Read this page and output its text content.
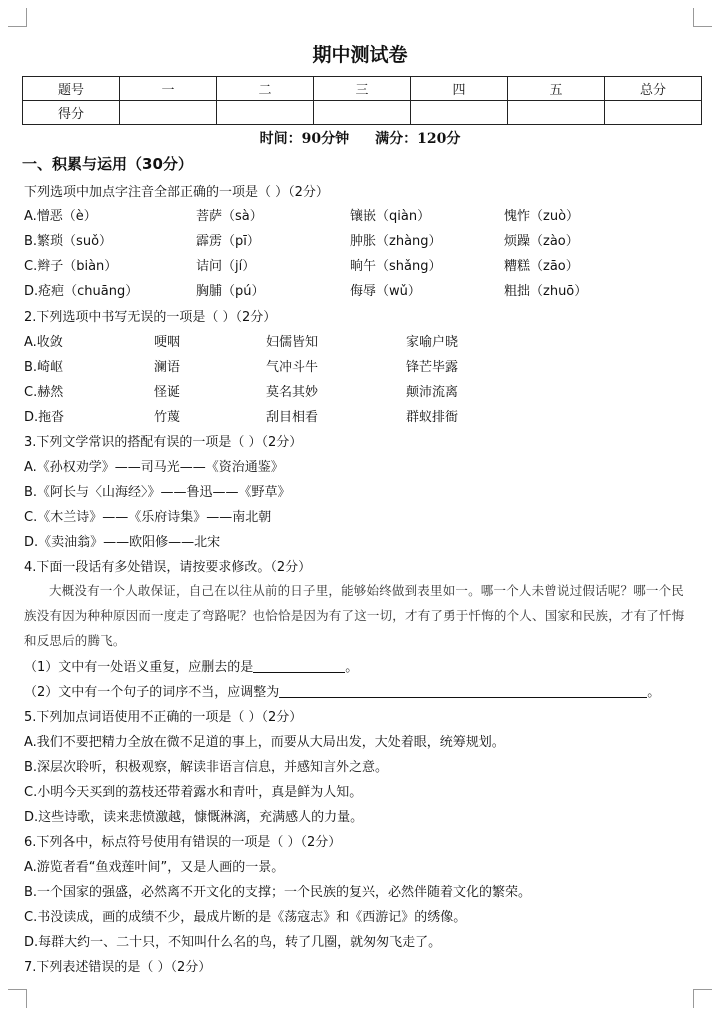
期中测试卷
题号	一	二	三	四	五	总分
得分						
时间：90分钟 满分：120分
一、积累与运用（30分）
下列选项中加点字注音全部正确的一项是（ ）（2分）
A.憎恶（è）	菩萨（sà）	镶嵌（qiàn）	愧怍（zuò）
B.繁琐（suǒ）	霹雳（pī）	肿胀（zhàng）	烦躁（zào）
C.辫子（biàn）	诘问（jí）	晌午（shǎng）	糟糕（zāo）
D.疮疤（chuāng）	胸脯（pú）	侮辱（wǔ）	粗拙（zhuō）
2.下列选项中书写无误的一项是（ ）（2分）
A.收敛	哽咽	妇儒皆知	家喻户晓
B.崎岖	澜语	气冲斗牛	锋芒毕露
C.赫然	怪诞	莫名其妙	颠沛流离
D.拖沓	竹蔑	刮目相看	群蚁排衙
3.下列文学常识的搭配有误的一项是（ ）（2分）
A.《孙权劝学》——司马光——《资治通鉴》
B.《阿长与〈山海经〉》——鲁迅——《野草》
C.《木兰诗》——《乐府诗集》——南北朝
D.《卖油翁》——欧阳修——北宋
4.下面一段话有多处错误，请按要求修改。（2分）
大概没有一个人敢保证，自己在以往从前的日子里，能够始终做到表里如一。哪一个人未曾说过假话呢？哪一个民族没有因为种种原因而一度走了弯路呢？也恰恰是因为有了这一切，才有了勇于忏悔的个人、国家和民族，才有了忏悔和反思后的腾飞。
（1）文中有一处语义重复，应删去的是	。
（2）文中有一个句子的词序不当，应调整为	。
5.下列加点词语使用不正确的一项是（ ）（2分）
A.我们不要把精力全放在微不足道的事上，而要从大局出发，大处着眼，统筹规划。
B.深层次聆听，积极观察，解读非语言信息，并感知言外之意。
C.小明今天买到的荔枝还带着露水和青叶，真是鲜为人知。
D.这些诗歌，读来悲愤激越，慷慨淋漓，充满感人的力量。
6.下列各中，标点符号使用有错误的一项是（ ）（2分）
A.游览者看“鱼戏莲叶间”，又是人画的一景。
B.一个国家的强盛，必然离不开文化的支撑；一个民族的复兴，必然伴随着文化的繁荣。
C.书没读成，画的成绩不少，最成片断的是《荡寇志》和《西游记》的绣像。
D.每群大约一、二十只，不知叫什么名的鸟，转了几圈，就匆匆飞走了。
7.下列表述错误的是（ ）（2分）
